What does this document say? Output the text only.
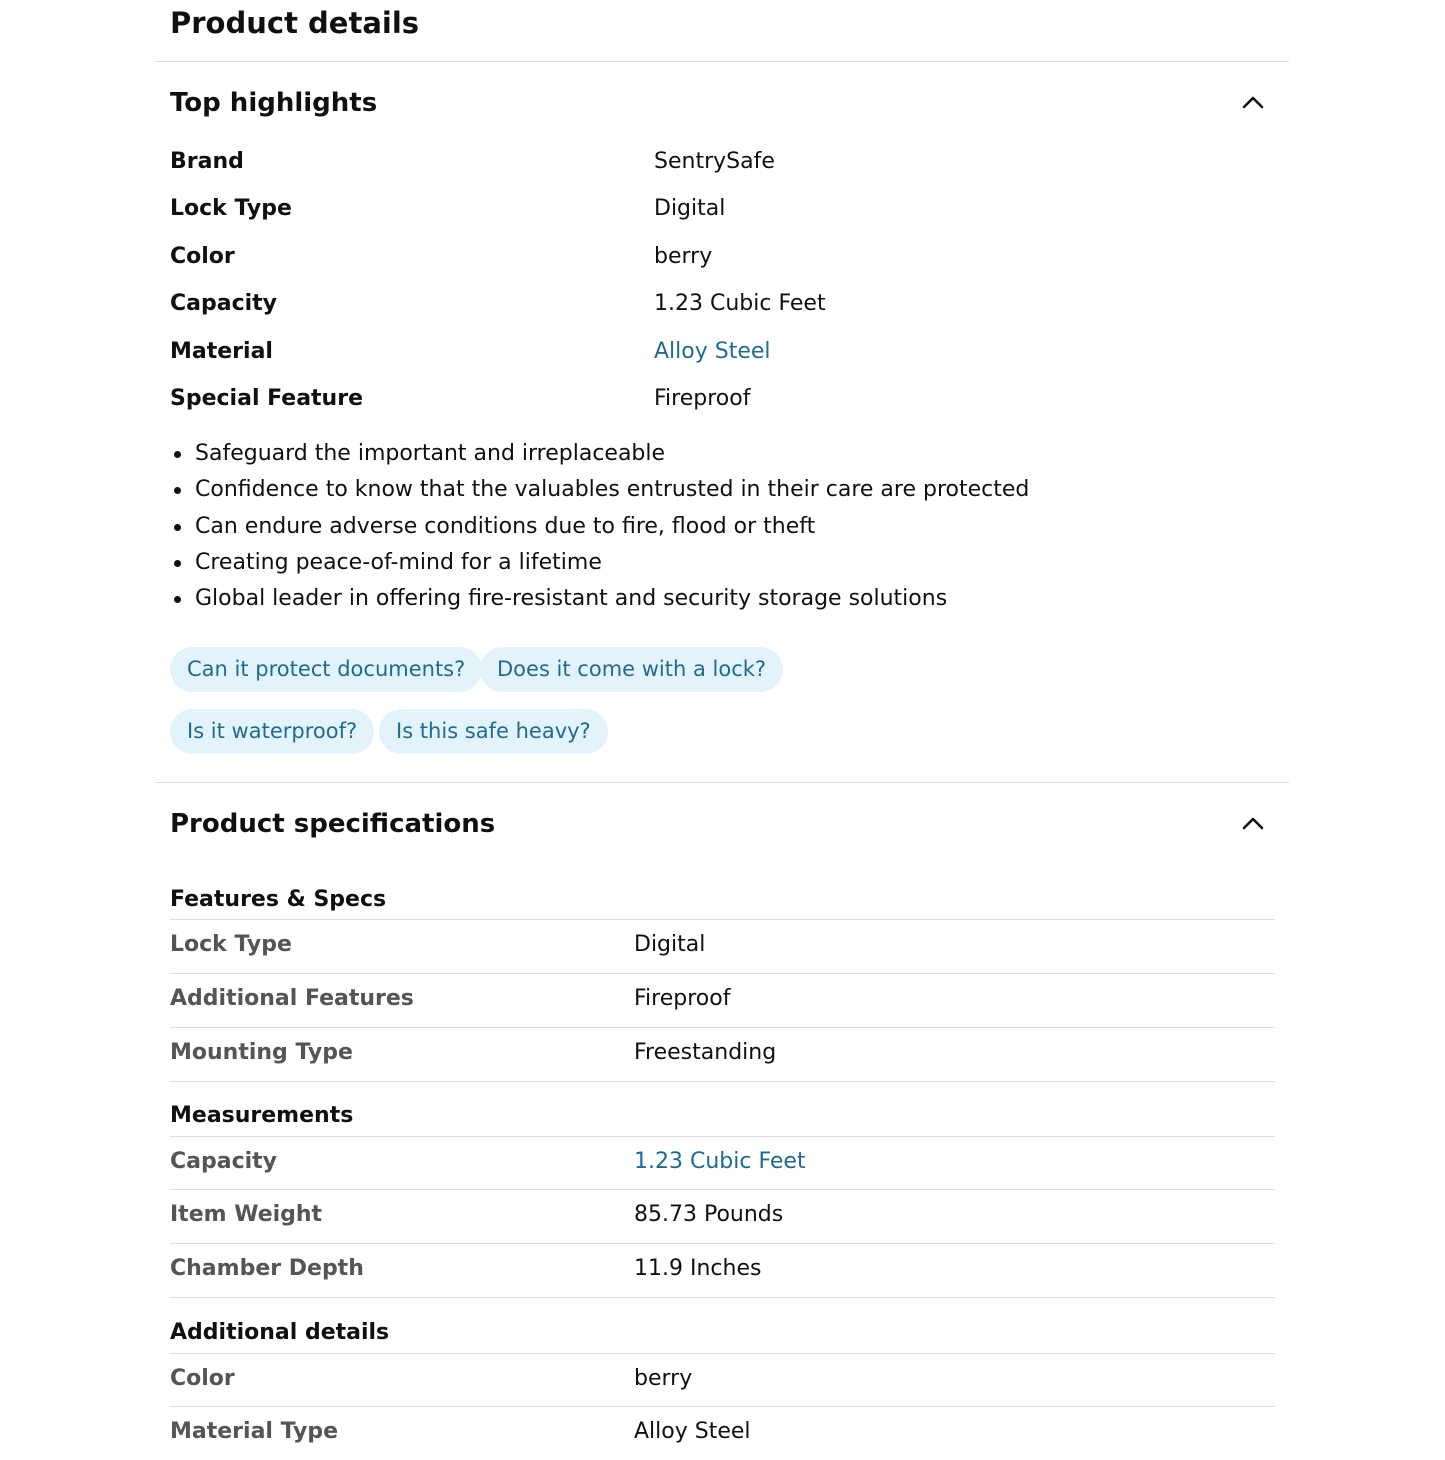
Product details
Top highlights
Brand	SentrySafe
Lock Type	Digital
Color	berry
Capacity	1.23 Cubic Feet
Material	Alloy Steel
Special Feature	Fireproof
Safeguard the important and irreplaceable
Confidence to know that the valuables entrusted in their care are protected
Can endure adverse conditions due to fire, flood or theft
Creating peace-of-mind for a lifetime
Global leader in offering fire-resistant and security storage solutions
Can it protect documents?	Does it come with a lock?
Is it waterproof?	Is this safe heavy?
Product specifications
Features & Specs
Lock Type	Digital
Additional Features	Fireproof
Mounting Type	Freestanding
Measurements
Capacity	1.23 Cubic Feet
Item Weight	85.73 Pounds
Chamber Depth	11.9 Inches
Additional details
Color	berry
Material Type	Alloy Steel
